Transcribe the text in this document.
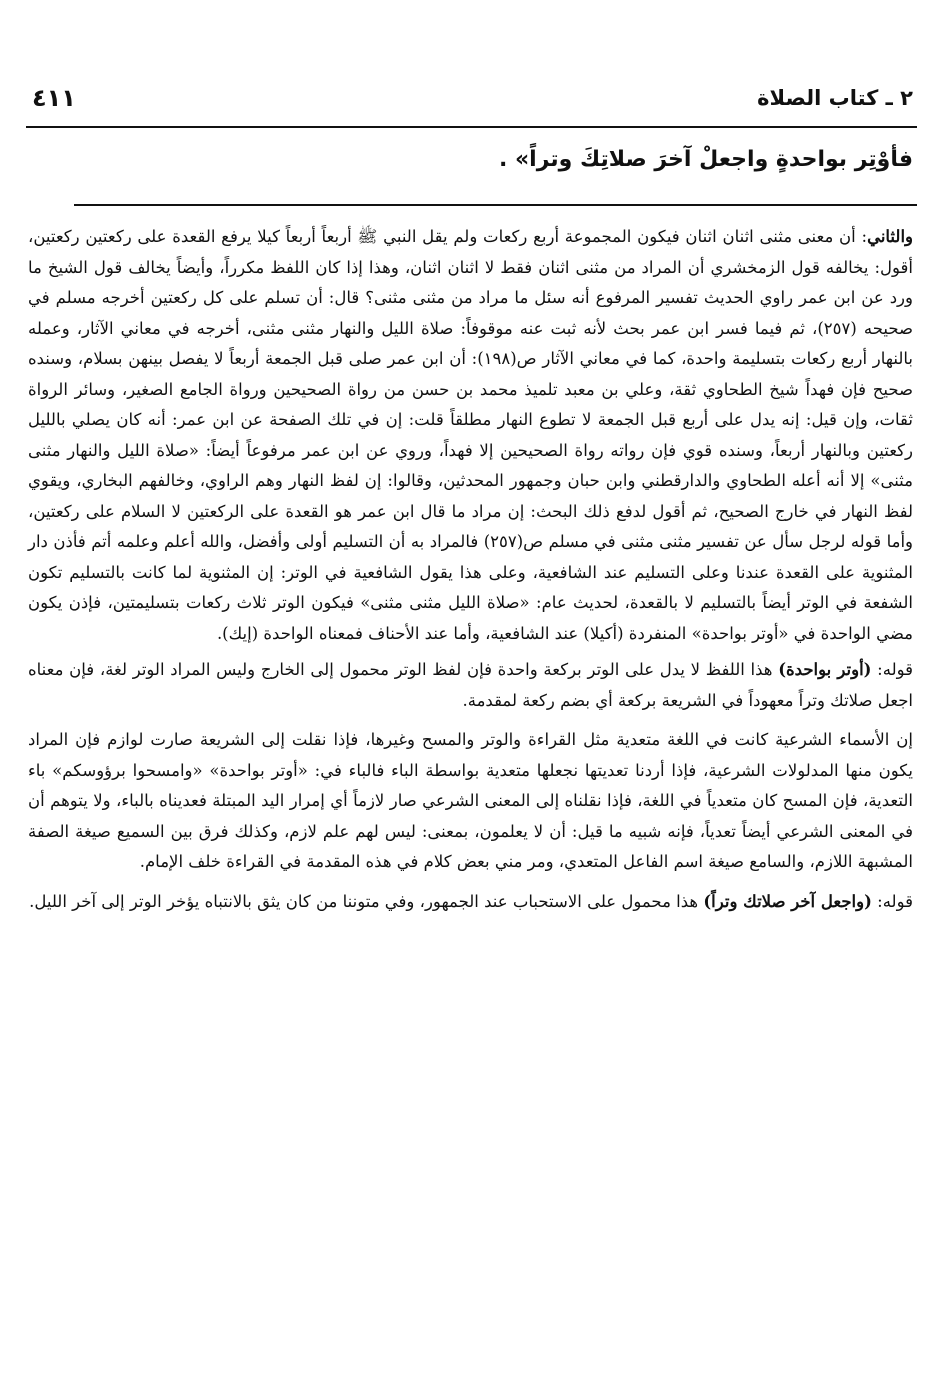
٢ ـ كتاب الصلاة
٤١١
فأوْتِر بواحدةٍ واجعلْ آخرَ صلاتِكَ وتراً» .

والثاني: أن معنى مثنى اثنان اثنان فيكون المجموعة أربع ركعات ولم يقل النبي ﷺ أربعاً أربعاً كيلا يرفع القعدة على ركعتين ركعتين، أقول: يخالفه قول الزمخشري أن المراد من مثنى اثنان فقط لا اثنان اثنان، وهذا إذا كان اللفظ مكرراً، وأيضاً يخالف قول الشيخ ما ورد عن ابن عمر راوي الحديث تفسير المرفوع أنه سئل ما مراد من مثنى مثنى؟ قال: أن تسلم على كل ركعتين أخرجه مسلم في صحيحه (٢٥٧)، ثم فيما فسر ابن عمر بحث لأنه ثبت عنه موقوفاً: صلاة الليل والنهار مثنى مثنى، أخرجه في معاني الآثار، وعمله بالنهار أربع ركعات بتسليمة واحدة، كما في معاني الآثار ص(١٩٨): أن ابن عمر صلى قبل الجمعة أربعاً لا يفصل بينهن بسلام، وسنده صحيح فإن فهداً شيخ الطحاوي ثقة، وعلي بن معبد تلميذ محمد بن حسن من رواة الصحيحين ورواة الجامع الصغير، وسائر الرواة ثقات، وإن قيل: إنه يدل على أربع قبل الجمعة لا تطوع النهار مطلقاً قلت: إن في تلك الصفحة عن ابن عمر: أنه كان يصلي بالليل ركعتين وبالنهار أربعاً، وسنده قوي فإن رواته رواة الصحيحين إلا فهداً، وروي عن ابن عمر مرفوعاً أيضاً: «صلاة الليل والنهار مثنى مثنى» إلا أنه أعله الطحاوي والدارقطني وابن حبان وجمهور المحدثين، وقالوا: إن لفظ النهار وهم الراوي، وخالفهم البخاري، ويقوي لفظ النهار في خارج الصحيح، ثم أقول لدفع ذلك البحث: إن مراد ما قال ابن عمر هو القعدة على الركعتين لا السلام على ركعتين، وأما قوله لرجل سأل عن تفسير مثنى مثنى في مسلم ص(٢٥٧) فالمراد به أن التسليم أولى وأفضل، والله أعلم وعلمه أتم فأذن دار المثنوية على القعدة عندنا وعلى التسليم عند الشافعية، وعلى هذا يقول الشافعية في الوتر: إن المثنوية لما كانت بالتسليم تكون الشفعة في الوتر أيضاً بالتسليم لا بالقعدة، لحديث عام: «صلاة الليل مثنى مثنى» فيكون الوتر ثلاث ركعات بتسليمتين، فإذن يكون مضي الواحدة في «أوتر بواحدة» المنفردة (أكيلا) عند الشافعية، وأما عند الأحناف فمعناه الواحدة (إيك).

قوله: (أوتر بواحدة) هذا اللفظ لا يدل على الوتر بركعة واحدة فإن لفظ الوتر محمول إلى الخارج وليس المراد الوتر لغة، فإن معناه اجعل صلاتك وتراً معهوداً في الشريعة بركعة أي بضم ركعة لمقدمة.

إن الأسماء الشرعية كانت في اللغة متعدية مثل القراءة والوتر والمسح وغيرها، فإذا نقلت إلى الشريعة صارت لوازم فإن المراد يكون منها المدلولات الشرعية، فإذا أردنا تعديتها نجعلها متعدية بواسطة الباء فالباء في: «أوتر بواحدة» «وامسحوا برؤوسكم» باء التعدية، فإن المسح كان متعدياً في اللغة، فإذا نقلناه إلى المعنى الشرعي صار لازماً أي إمرار اليد المبتلة فعديناه بالباء، ولا يتوهم أن في المعنى الشرعي أيضاً تعدياً، فإنه شبيه ما قيل: أن لا يعلمون، بمعنى: ليس لهم علم لازم، وكذلك فرق بين السميع صيغة الصفة المشبهة اللازم، والسامع صيغة اسم الفاعل المتعدي، ومر مني بعض كلام في هذه المقدمة في القراءة خلف الإمام.

قوله: (واجعل آخر صلاتك وتراً) هذا محمول على الاستحباب عند الجمهور، وفي متوننا من كان يثق بالانتباه يؤخر الوتر إلى آخر الليل.
